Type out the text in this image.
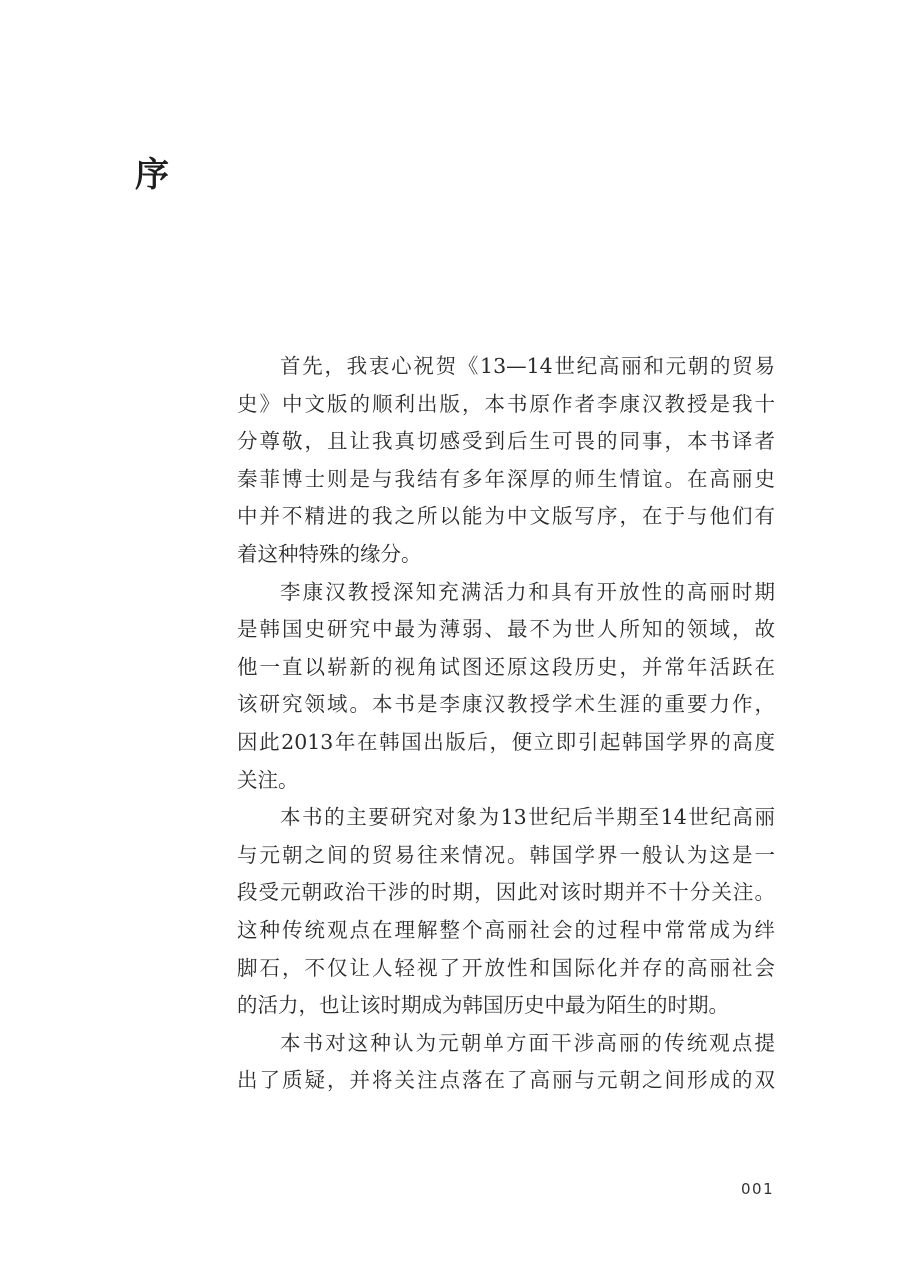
序

首先，我衷心祝贺《13—14世纪高丽和元朝的贸易
史》中文版的顺利出版，本书原作者李康汉教授是我十
分尊敬，且让我真切感受到后生可畏的同事，本书译者
秦菲博士则是与我结有多年深厚的师生情谊。在高丽史
中并不精进的我之所以能为中文版写序，在于与他们有
着这种特殊的缘分。

李康汉教授深知充满活力和具有开放性的高丽时期
是韩国史研究中最为薄弱、最不为世人所知的领域，故
他一直以崭新的视角试图还原这段历史，并常年活跃在
该研究领域。本书是李康汉教授学术生涯的重要力作，
因此2013年在韩国出版后，便立即引起韩国学界的高度
关注。

本书的主要研究对象为13世纪后半期至14世纪高丽
与元朝之间的贸易往来情况。韩国学界一般认为这是一
段受元朝政治干涉的时期，因此对该时期并不十分关注。
这种传统观点在理解整个高丽社会的过程中常常成为绊
脚石，不仅让人轻视了开放性和国际化并存的高丽社会
的活力，也让该时期成为韩国历史中最为陌生的时期。

本书对这种认为元朝单方面干涉高丽的传统观点提
出了质疑，并将关注点落在了高丽与元朝之间形成的双

001
